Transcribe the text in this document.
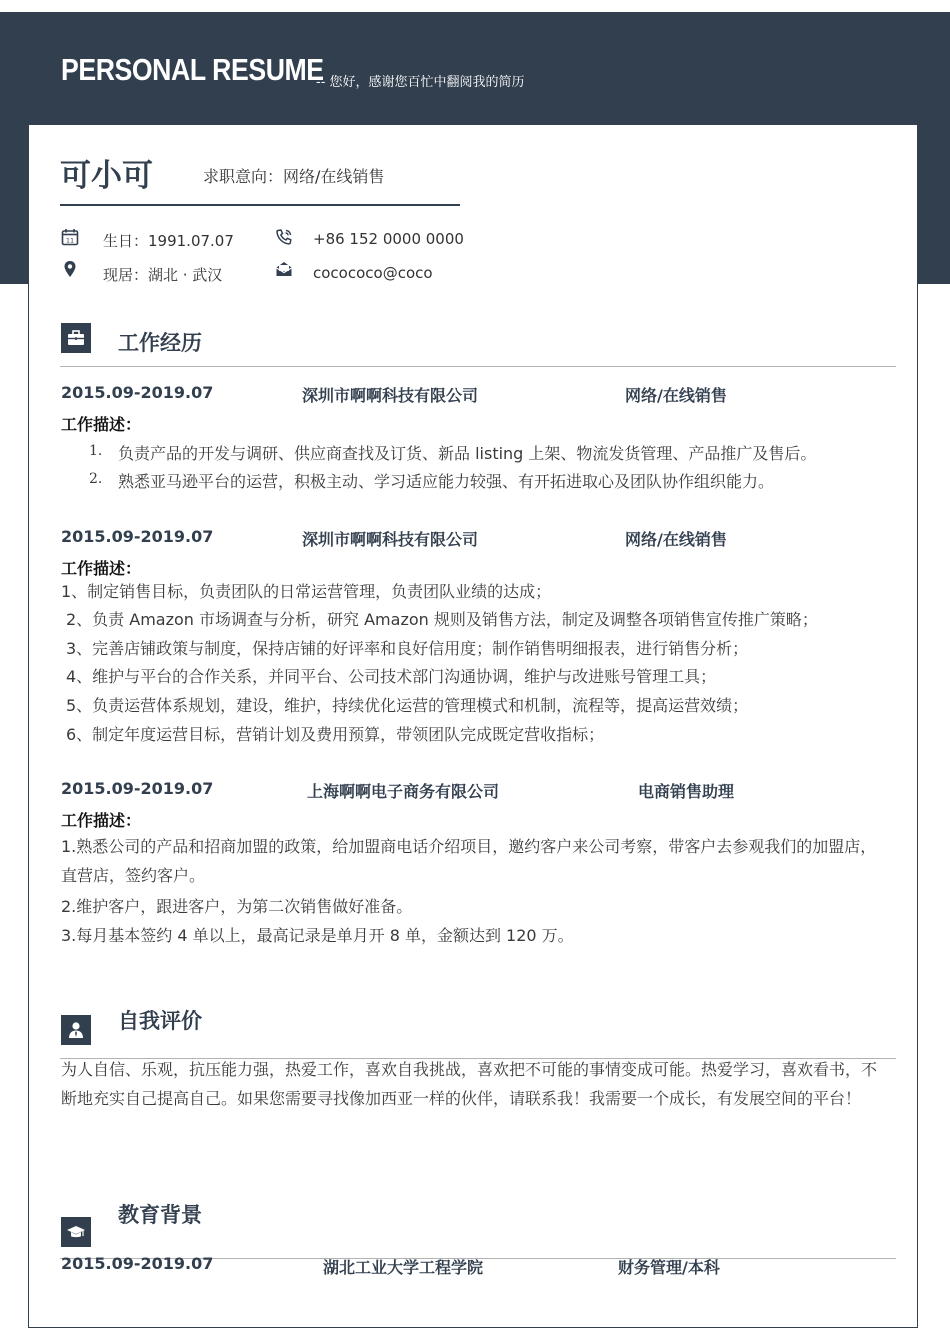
PERSONAL RESUME
-- 您好，感谢您百忙中翻阅我的简历
可小可	求职意向：网络/在线销售
11 生日：1991.07.07	+86 152 0000 0000
现居：湖北 · 武汉	cocococo@coco
工作经历
2015.09-2019.07	深圳市啊啊科技有限公司	网络/在线销售
工作描述：
1. 负责产品的开发与调研、供应商查找及订货、新品 listing 上架、物流发货管理、产品推广及售后。
2. 熟悉亚马逊平台的运营，积极主动、学习适应能力较强、有开拓进取心及团队协作组织能力。
2015.09-2019.07	深圳市啊啊科技有限公司	网络/在线销售
工作描述：
1、制定销售目标，负责团队的日常运营管理，负责团队业绩的达成；
2、负责 Amazon 市场调查与分析，研究 Amazon 规则及销售方法，制定及调整各项销售宣传推广策略；
3、完善店铺政策与制度，保持店铺的好评率和良好信用度；制作销售明细报表，进行销售分析；
4、维护与平台的合作关系，并同平台、公司技术部门沟通协调，维护与改进账号管理工具；
5、负责运营体系规划，建设，维护，持续优化运营的管理模式和机制，流程等，提高运营效绩；
6、制定年度运营目标，营销计划及费用预算，带领团队完成既定营收指标；
2015.09-2019.07	上海啊啊电子商务有限公司	电商销售助理
工作描述：
1.熟悉公司的产品和招商加盟的政策，给加盟商电话介绍项目，邀约客户来公司考察，带客户去参观我们的加盟店，直营店，签约客户。
2.维护客户，跟进客户，为第二次销售做好准备。
3.每月基本签约 4 单以上，最高记录是单月开 8 单，金额达到 120 万。
自我评价
为人自信、乐观，抗压能力强，热爱工作，喜欢自我挑战，喜欢把不可能的事情变成可能。热爱学习，喜欢看书，不断地充实自己提高自己。如果您需要寻找像加西亚一样的伙伴，请联系我！我需要一个成长，有发展空间的平台！
教育背景
2015.09-2019.07	湖北工业大学工程学院	财务管理/本科
